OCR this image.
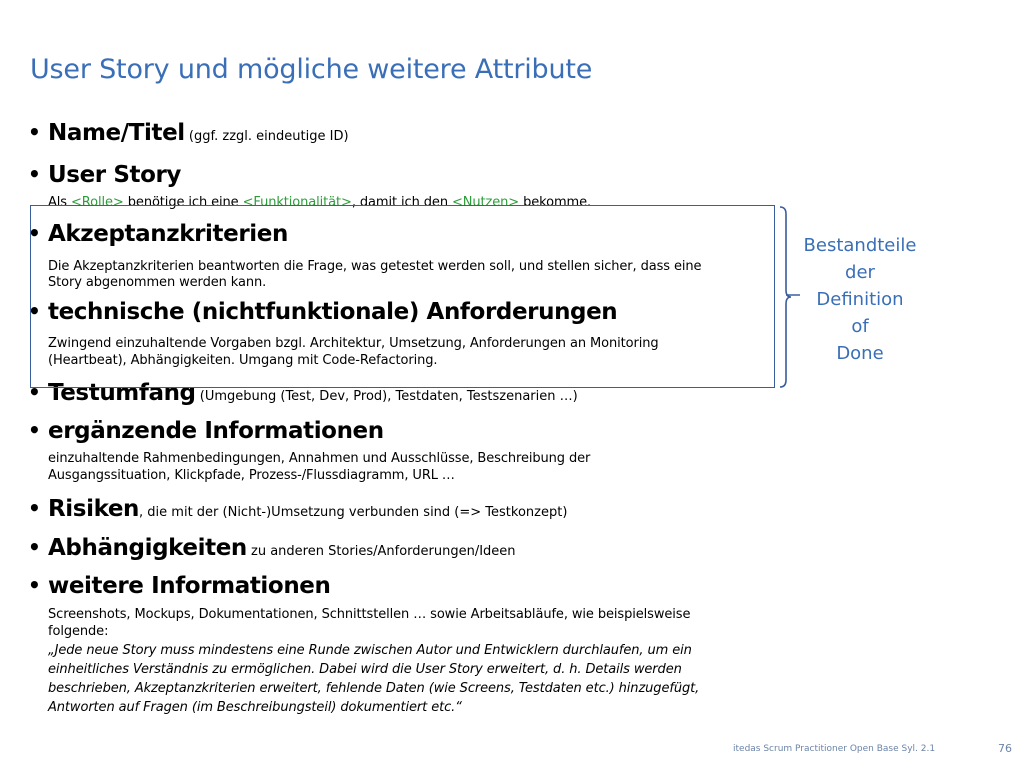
User Story und mögliche weitere Attribute
• Name/Titel (ggf. zzgl. eindeutige ID)
• User Story
Als <Rolle> benötige ich eine <Funktionalität>, damit ich den <Nutzen> bekomme.
• Akzeptanzkriterien
Die Akzeptanzkriterien beantworten die Frage, was getestet werden soll, und stellen sicher, dass eine
Story abgenommen werden kann.
• technische (nichtfunktionale) Anforderungen
Zwingend einzuhaltende Vorgaben bzgl. Architektur, Umsetzung, Anforderungen an Monitoring
(Heartbeat), Abhängigkeiten. Umgang mit Code-Refactoring.
• Testumfang (Umgebung (Test, Dev, Prod), Testdaten, Testszenarien …)
• ergänzende Informationen
einzuhaltende Rahmenbedingungen, Annahmen und Ausschlüsse, Beschreibung der
Ausgangssituation, Klickpfade, Prozess-/Flussdiagramm, URL …
• Risiken, die mit der (Nicht-)Umsetzung verbunden sind (=> Testkonzept)
• Abhängigkeiten zu anderen Stories/Anforderungen/Ideen
• weitere Informationen
Screenshots, Mockups, Dokumentationen, Schnittstellen … sowie Arbeitsabläufe, wie beispielsweise
folgende:
„Jede neue Story muss mindestens eine Runde zwischen Autor und Entwicklern durchlaufen, um ein
einheitliches Verständnis zu ermöglichen. Dabei wird die User Story erweitert, d. h. Details werden
beschrieben, Akzeptanzkriterien erweitert, fehlende Daten (wie Screens, Testdaten etc.) hinzugefügt,
Antworten auf Fragen (im Beschreibungsteil) dokumentiert etc.“
Bestandteile
der
Definition
of
Done
itedas Scrum Practitioner Open Base Syl. 2.1	76
